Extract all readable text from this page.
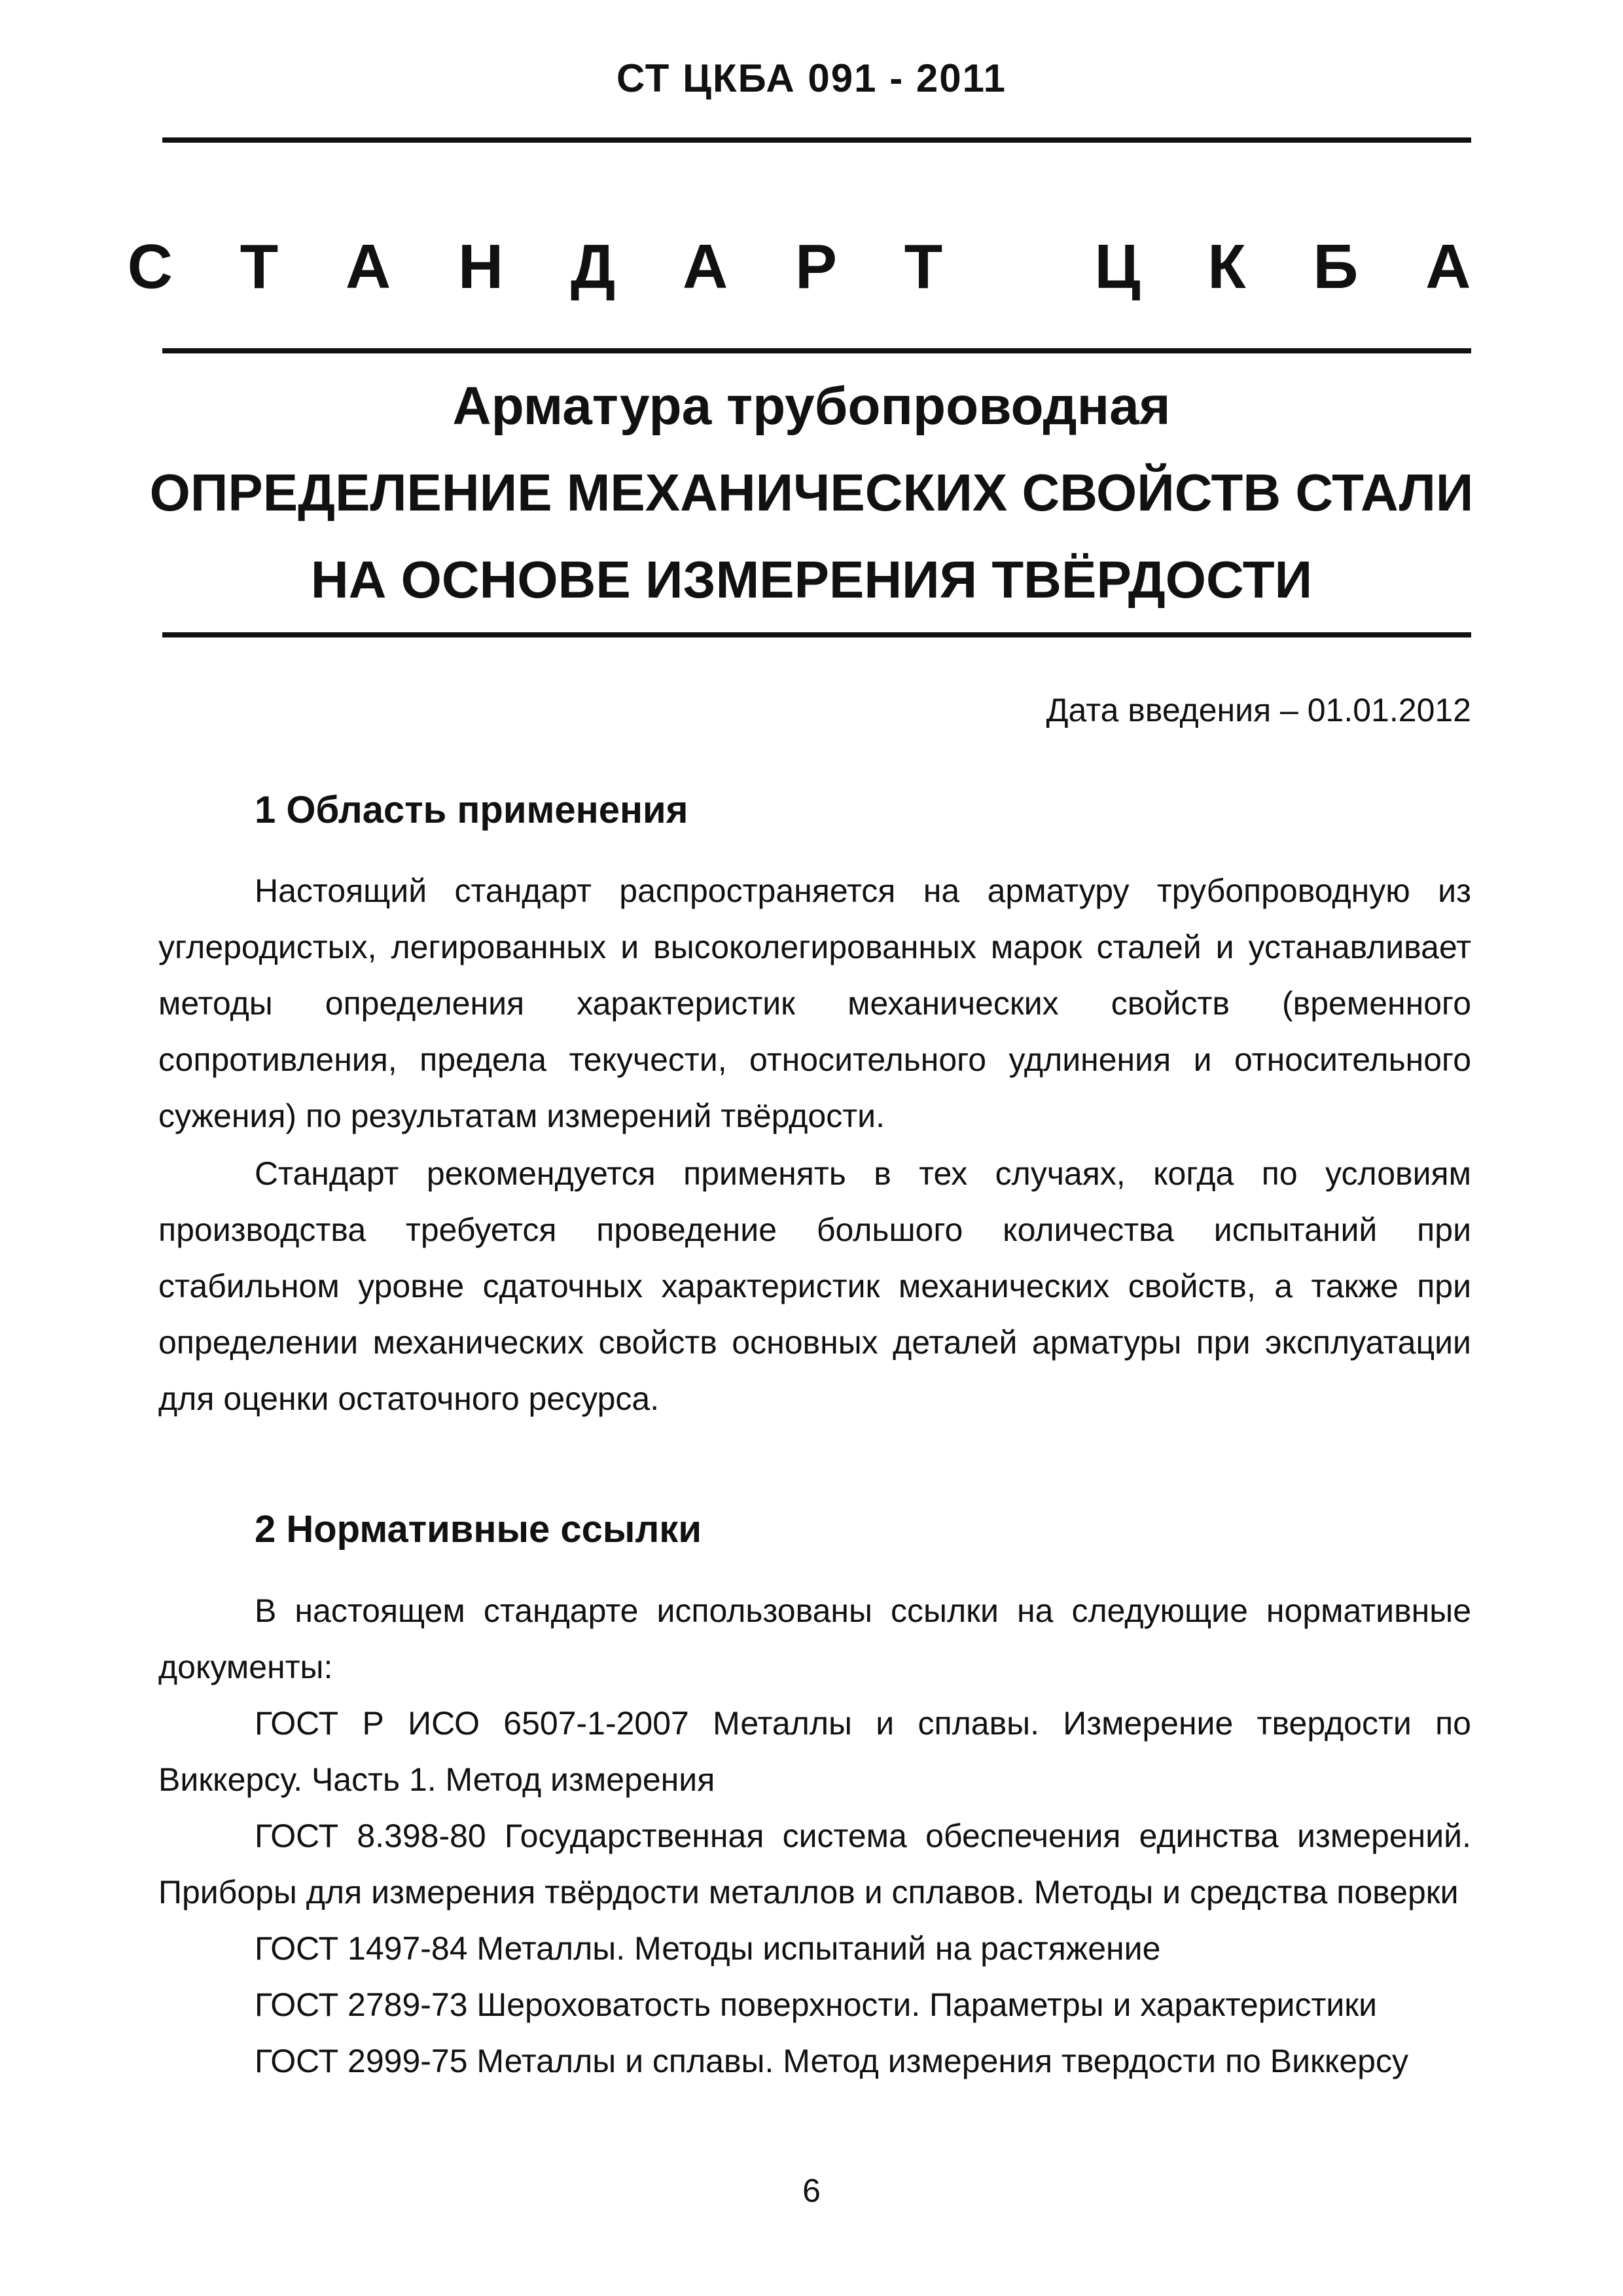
СТ ЦКБА 091 - 2011
С Т А Н Д А Р Т   Ц К Б А
Арматура трубопроводная
ОПРЕДЕЛЕНИЕ МЕХАНИЧЕСКИХ СВОЙСТВ СТАЛИ
НА ОСНОВЕ ИЗМЕРЕНИЯ ТВЁРДОСТИ
Дата введения – 01.01.2012
1 Область применения

Настоящий стандарт распространяется на арматуру трубопроводную из углеродистых, легированных и высоколегированных марок сталей и устанавливает методы определения характеристик механических свойств (временного сопротивления, предела текучести, относительного удлинения и относительного сужения) по результатам измерений твёрдости.

Стандарт рекомендуется применять в тех случаях, когда по условиям производства требуется проведение большого количества испытаний при стабильном уровне сдаточных характеристик механических свойств, а также при определении механических свойств основных деталей арматуры при эксплуатации для оценки остаточного ресурса.

2 Нормативные ссылки

В настоящем стандарте использованы ссылки на следующие нормативные документы:

ГОСТ Р ИСО 6507-1-2007 Металлы и сплавы. Измерение твердости по Виккерсу. Часть 1. Метод измерения

ГОСТ 8.398-80 Государственная система обеспечения единства измерений. Приборы для измерения твёрдости металлов и сплавов. Методы и средства поверки

ГОСТ 1497-84 Металлы. Методы испытаний на растяжение

ГОСТ 2789-73 Шероховатость поверхности. Параметры и характеристики

ГОСТ 2999-75 Металлы и сплавы. Метод измерения твердости по Виккерсу

6
